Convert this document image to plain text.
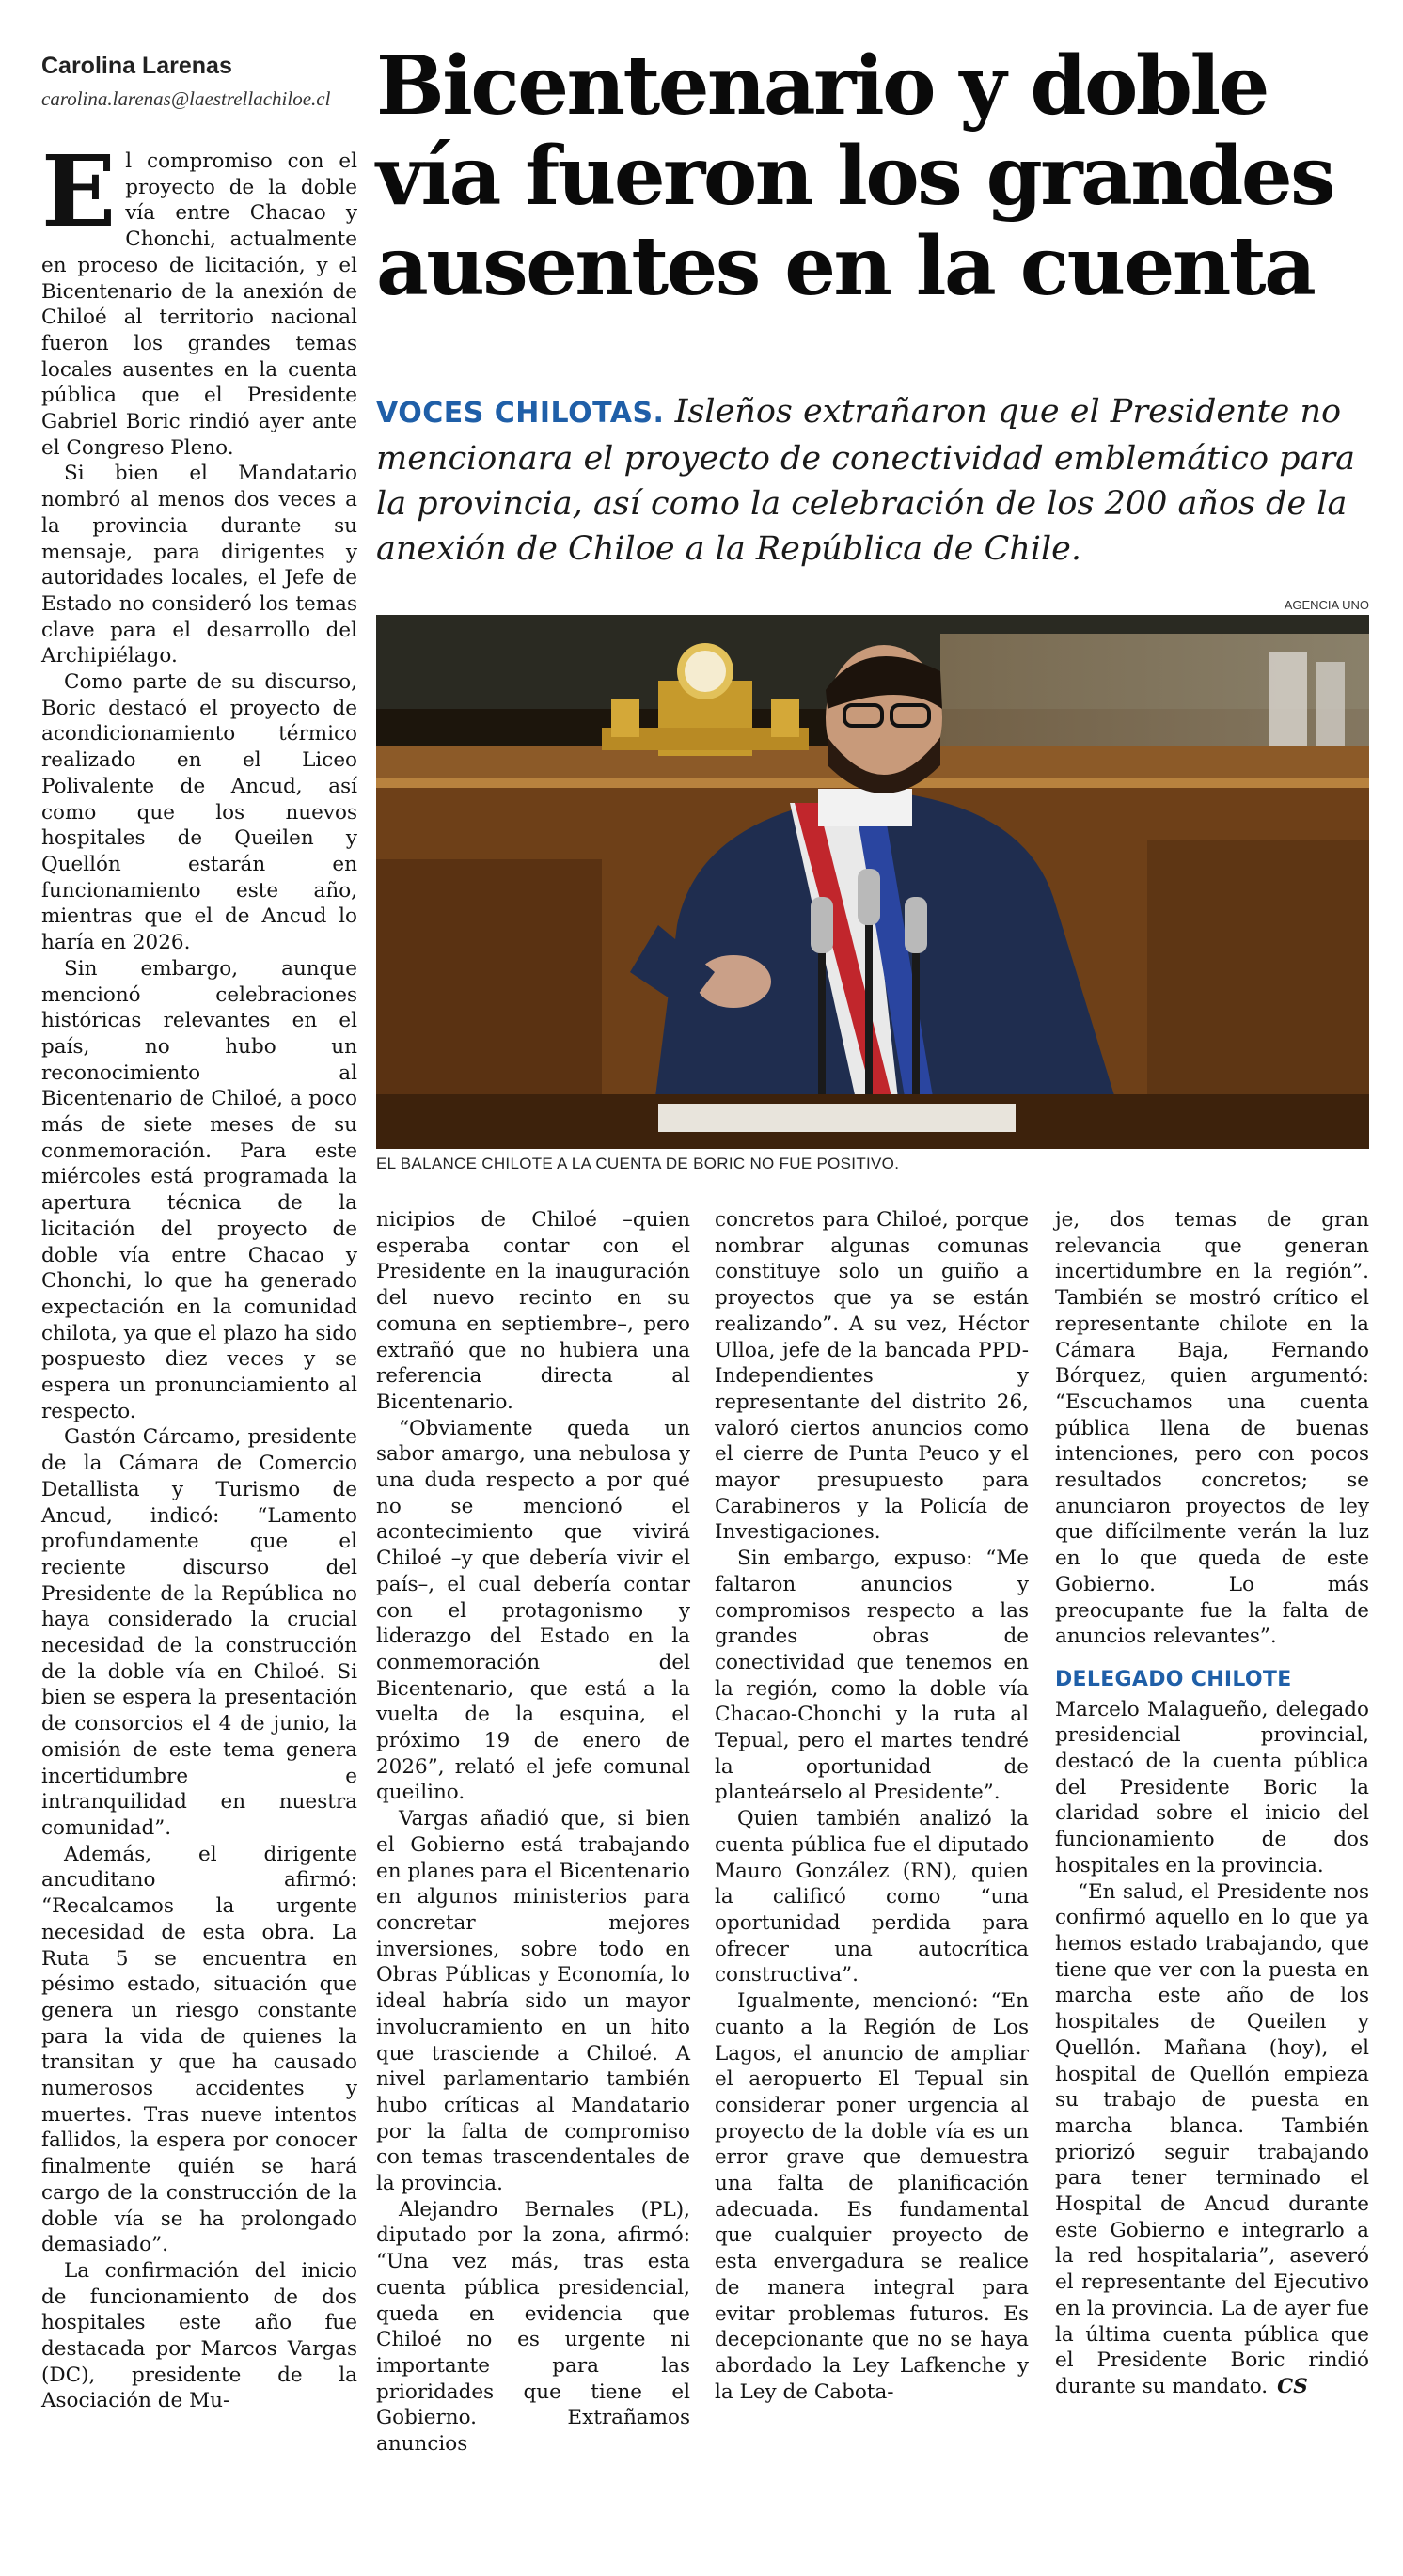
Carolina Larenas
carolina.larenas@laestrellachiloe.cl Bicentenario y doble vía fueron los grandes ausentes en la cuenta

VOCES CHILOTAS. Isleños extrañaron que el Presidente no mencionara el proyecto de conectividad emblemático para la provincia, así como la celebración de los 200 años de la anexión de Chiloe a la República de Chile.

AGENCIA UNO
EL BALANCE CHILOTE A LA CUENTA DE BORIC NO FUE POSITIVO.

El compromiso con el proyecto de la doble vía entre Chacao y Chonchi, actualmente en proceso de licitación, y el Bicentenario de la anexión de Chiloé al territorio nacional fueron los grandes temas locales ausentes en la cuenta pública que el Presidente Gabriel Boric rindió ayer ante el Congreso Pleno.

Si bien el Mandatario nombró al menos dos veces a la provincia durante su mensaje, para dirigentes y autoridades locales, el Jefe de Estado no consideró los temas clave para el desarrollo del Archipiélago.

Como parte de su discurso, Boric destacó el proyecto de acondicionamiento térmico realizado en el Liceo Polivalente de Ancud, así como que los nuevos hospitales de Queilen y Quellón estarán en funcionamiento este año, mientras que el de Ancud lo haría en 2026.

Sin embargo, aunque mencionó celebraciones históricas relevantes en el país, no hubo un reconocimiento al Bicentenario de Chiloé, a poco más de siete meses de su conmemoración. Para este miércoles está programada la apertura técnica de la licitación del proyecto de doble vía entre Chacao y Chonchi, lo que ha generado expectación en la comunidad chilota, ya que el plazo ha sido pospuesto diez veces y se espera un pronunciamiento al respecto.

Gastón Cárcamo, presidente de la Cámara de Comercio Detallista y Turismo de Ancud, indicó: “Lamento profundamente que el reciente discurso del Presidente de la República no haya considerado la crucial necesidad de la construcción de la doble vía en Chiloé. Si bien se espera la presentación de consorcios el 4 de junio, la omisión de este tema genera incertidumbre e intranquilidad en nuestra comunidad”.

Además, el dirigente ancuditano afirmó: “Recalcamos la urgente necesidad de esta obra. La Ruta 5 se encuentra en pésimo estado, situación que genera un riesgo constante para la vida de quienes la transitan y que ha causado numerosos accidentes y muertes. Tras nueve intentos fallidos, la espera por conocer finalmente quién se hará cargo de la construcción de la doble vía se ha prolongado demasiado”.

La confirmación del inicio de funcionamiento de dos hospitales este año fue destacada por Marcos Vargas (DC), presidente de la Asociación de Mu-

nicipios de Chiloé –quien esperaba contar con el Presidente en la inauguración del nuevo recinto en su comuna en septiembre–, pero extrañó que no hubiera una referencia directa al Bicentenario.

“Obviamente queda un sabor amargo, una nebulosa y una duda respecto a por qué no se mencionó el acontecimiento que vivirá Chiloé –y que debería vivir el país–, el cual debería contar con el protagonismo y liderazgo del Estado en la conmemoración del Bicentenario, que está a la vuelta de la esquina, el próximo 19 de enero de 2026”, relató el jefe comunal queilino.

Vargas añadió que, si bien el Gobierno está trabajando en planes para el Bicentenario en algunos ministerios para concretar mejores inversiones, sobre todo en Obras Públicas y Economía, lo ideal habría sido un mayor involucramiento en un hito que trasciende a Chiloé. A nivel parlamentario también hubo críticas al Mandatario por la falta de compromiso con temas trascendentales de la provincia.

Alejandro Bernales (PL), diputado por la zona, afirmó: “Una vez más, tras esta cuenta pública presidencial, queda en evidencia que Chiloé no es urgente ni importante para las prioridades que tiene el Gobierno. Extrañamos anuncios

concretos para Chiloé, porque nombrar algunas comunas constituye solo un guiño a proyectos que ya se están realizando”. A su vez, Héctor Ulloa, jefe de la bancada PPD-Independientes y representante del distrito 26, valoró ciertos anuncios como el cierre de Punta Peuco y el mayor presupuesto para Carabineros y la Policía de Investigaciones.

Sin embargo, expuso: “Me faltaron anuncios y compromisos respecto a las grandes obras de conectividad que tenemos en la región, como la doble vía Chacao-Chonchi y la ruta al Tepual, pero el martes tendré la oportunidad de planteárselo al Presidente”.

Quien también analizó la cuenta pública fue el diputado Mauro González (RN), quien la calificó como “una oportunidad perdida para ofrecer una autocrítica constructiva”.

Igualmente, mencionó: “En cuanto a la Región de Los Lagos, el anuncio de ampliar el aeropuerto El Tepual sin considerar poner urgencia al proyecto de la doble vía es un error grave que demuestra una falta de planificación adecuada. Es fundamental que cualquier proyecto de esta envergadura se realice de manera integral para evitar problemas futuros. Es decepcionante que no se haya abordado la Ley Lafkenche y la Ley de Cabota-

je, dos temas de gran relevancia que generan incertidumbre en la región”. También se mostró crítico el representante chilote en la Cámara Baja, Fernando Bórquez, quien argumentó: “Escuchamos una cuenta pública llena de buenas intenciones, pero con pocos resultados concretos; se anunciaron proyectos de ley que difícilmente verán la luz en lo que queda de este Gobierno. Lo más preocupante fue la falta de anuncios relevantes”.

DELEGADO CHILOTE

Marcelo Malagueño, delegado presidencial provincial, destacó de la cuenta pública del Presidente Boric la claridad sobre el inicio del funcionamiento de dos hospitales en la provincia.

“En salud, el Presidente nos confirmó aquello en lo que ya hemos estado trabajando, que tiene que ver con la puesta en marcha este año de los hospitales de Queilen y Quellón. Mañana (hoy), el hospital de Quellón empieza su trabajo de puesta en marcha blanca. También priorizó seguir trabajando para tener terminado el Hospital de Ancud durante este Gobierno e integrarlo a la red hospitalaria”, aseveró el representante del Ejecutivo en la provincia. La de ayer fue la última cuenta pública que el Presidente Boric rindió durante su mandato. CS
